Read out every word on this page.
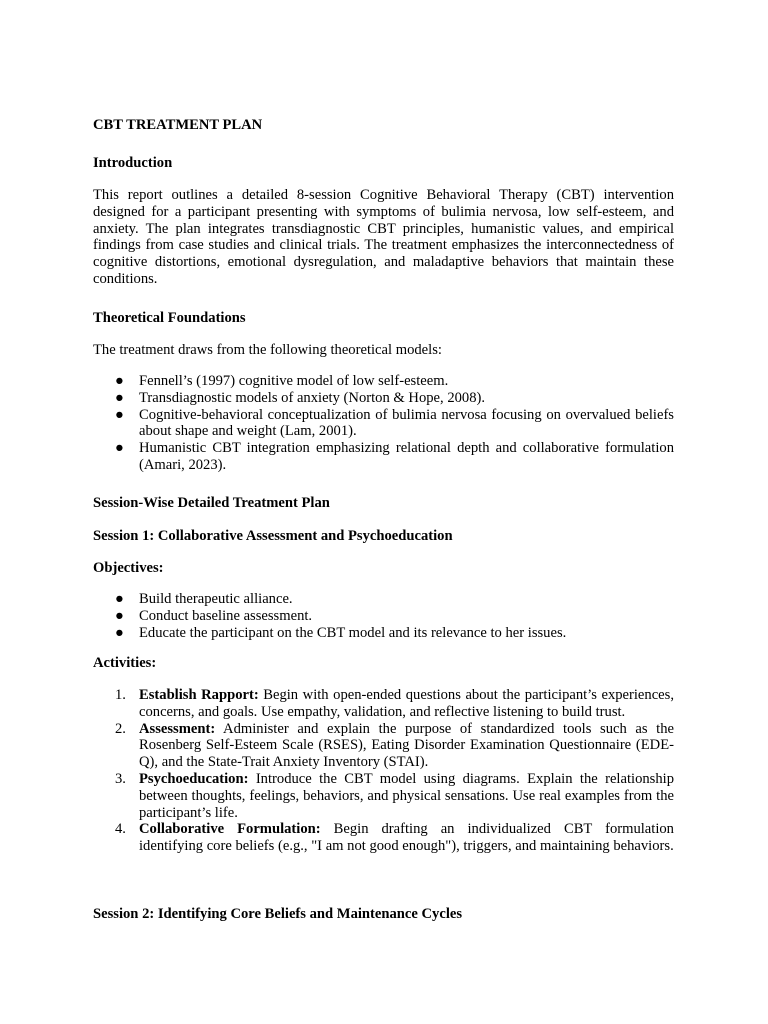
CBT TREATMENT PLAN

Introduction

This report outlines a detailed 8-session Cognitive Behavioral Therapy (CBT) intervention designed for a participant presenting with symptoms of bulimia nervosa, low self-esteem, and anxiety. The plan integrates transdiagnostic CBT principles, humanistic values, and empirical findings from case studies and clinical trials. The treatment emphasizes the interconnectedness of cognitive distortions, emotional dysregulation, and maladaptive behaviors that maintain these conditions.

Theoretical Foundations

The treatment draws from the following theoretical models:

● Fennell’s (1997) cognitive model of low self-esteem.
● Transdiagnostic models of anxiety (Norton & Hope, 2008).
● Cognitive-behavioral conceptualization of bulimia nervosa focusing on overvalued beliefs about shape and weight (Lam, 2001).
● Humanistic CBT integration emphasizing relational depth and collaborative formulation (Amari, 2023).

Session-Wise Detailed Treatment Plan

Session 1: Collaborative Assessment and Psychoeducation

Objectives:

● Build therapeutic alliance.
● Conduct baseline assessment.
● Educate the participant on the CBT model and its relevance to her issues.

Activities:

1. Establish Rapport: Begin with open-ended questions about the participant’s experiences, concerns, and goals. Use empathy, validation, and reflective listening to build trust.
2. Assessment: Administer and explain the purpose of standardized tools such as the Rosenberg Self-Esteem Scale (RSES), Eating Disorder Examination Questionnaire (EDE-Q), and the State-Trait Anxiety Inventory (STAI).
3. Psychoeducation: Introduce the CBT model using diagrams. Explain the relationship between thoughts, feelings, behaviors, and physical sensations. Use real examples from the participant’s life.
4. Collaborative Formulation: Begin drafting an individualized CBT formulation identifying core beliefs (e.g., "I am not good enough"), triggers, and maintaining behaviors.

Session 2: Identifying Core Beliefs and Maintenance Cycles
